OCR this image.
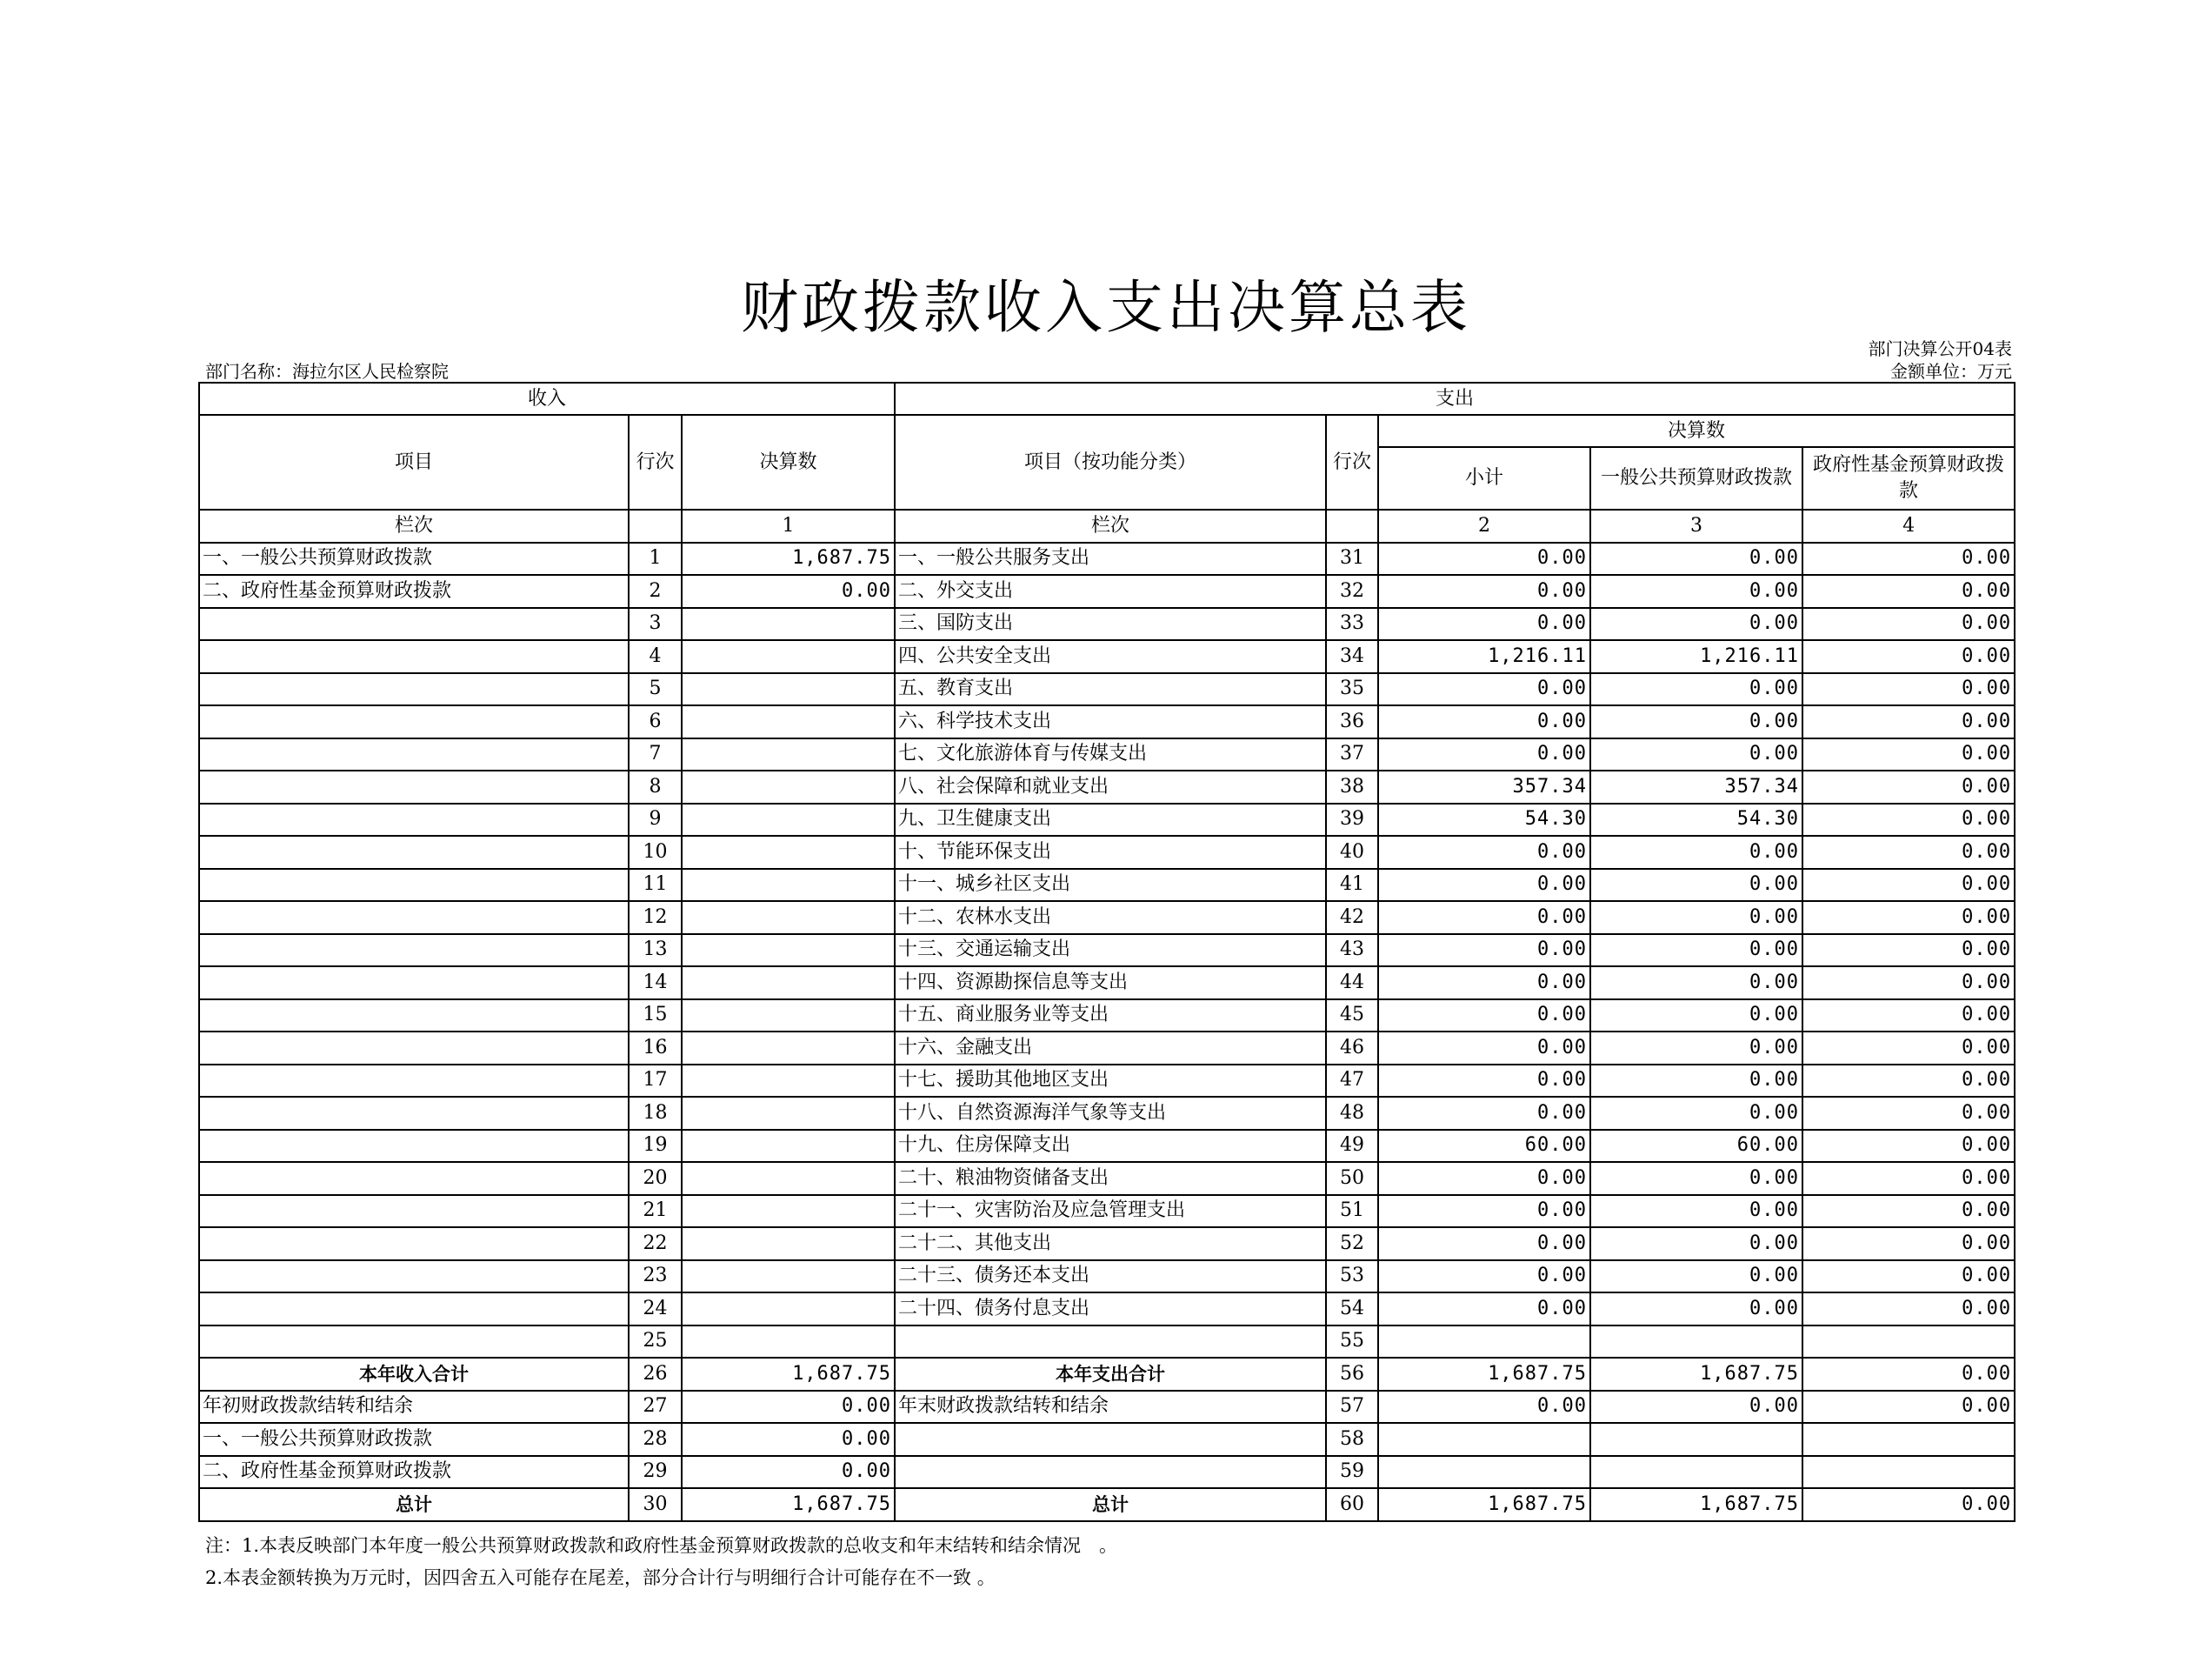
财政拨款收入支出决算总表
部门决算公开04表
金额单位：万元
部门名称：海拉尔区人民检察院
收入			支出				
项目	行次	决算数	项目（按功能分类）	行次	决算数		
					小计	一般公共预算财政拨款	政府性基金预算财政拨款
栏次		1	栏次		2	3	4
一、一般公共预算财政拨款	1	1,687.75	一、一般公共服务支出	31	0.00	0.00	0.00
二、政府性基金预算财政拨款	2	0.00	二、外交支出	32	0.00	0.00	0.00
	3		三、国防支出	33	0.00	0.00	0.00
	4		四、公共安全支出	34	1,216.11	1,216.11	0.00
	5		五、教育支出	35	0.00	0.00	0.00
	6		六、科学技术支出	36	0.00	0.00	0.00
	7		七、文化旅游体育与传媒支出	37	0.00	0.00	0.00
	8		八、社会保障和就业支出	38	357.34	357.34	0.00
	9		九、卫生健康支出	39	54.30	54.30	0.00
	10		十、节能环保支出	40	0.00	0.00	0.00
	11		十一、城乡社区支出	41	0.00	0.00	0.00
	12		十二、农林水支出	42	0.00	0.00	0.00
	13		十三、交通运输支出	43	0.00	0.00	0.00
	14		十四、资源勘探信息等支出	44	0.00	0.00	0.00
	15		十五、商业服务业等支出	45	0.00	0.00	0.00
	16		十六、金融支出	46	0.00	0.00	0.00
	17		十七、援助其他地区支出	47	0.00	0.00	0.00
	18		十八、自然资源海洋气象等支出	48	0.00	0.00	0.00
	19		十九、住房保障支出	49	60.00	60.00	0.00
	20		二十、粮油物资储备支出	50	0.00	0.00	0.00
	21		二十一、灾害防治及应急管理支出	51	0.00	0.00	0.00
	22		二十二、其他支出	52	0.00	0.00	0.00
	23		二十三、债务还本支出	53	0.00	0.00	0.00
	24		二十四、债务付息支出	54	0.00	0.00	0.00
	25			55			
本年收入合计	26	1,687.75	本年支出合计	56	1,687.75	1,687.75	0.00
年初财政拨款结转和结余	27	0.00	年末财政拨款结转和结余	57	0.00	0.00	0.00
一、一般公共预算财政拨款	28	0.00		58			
二、政府性基金预算财政拨款	29	0.00		59			
总计	30	1,687.75	总计	60	1,687.75	1,687.75	0.00
注：1.本表反映部门本年度一般公共预算财政拨款和政府性基金预算财政拨款的总收支和年末结转和结余情况　。
2.本表金额转换为万元时，因四舍五入可能存在尾差，部分合计行与明细行合计可能存在不一致 。
